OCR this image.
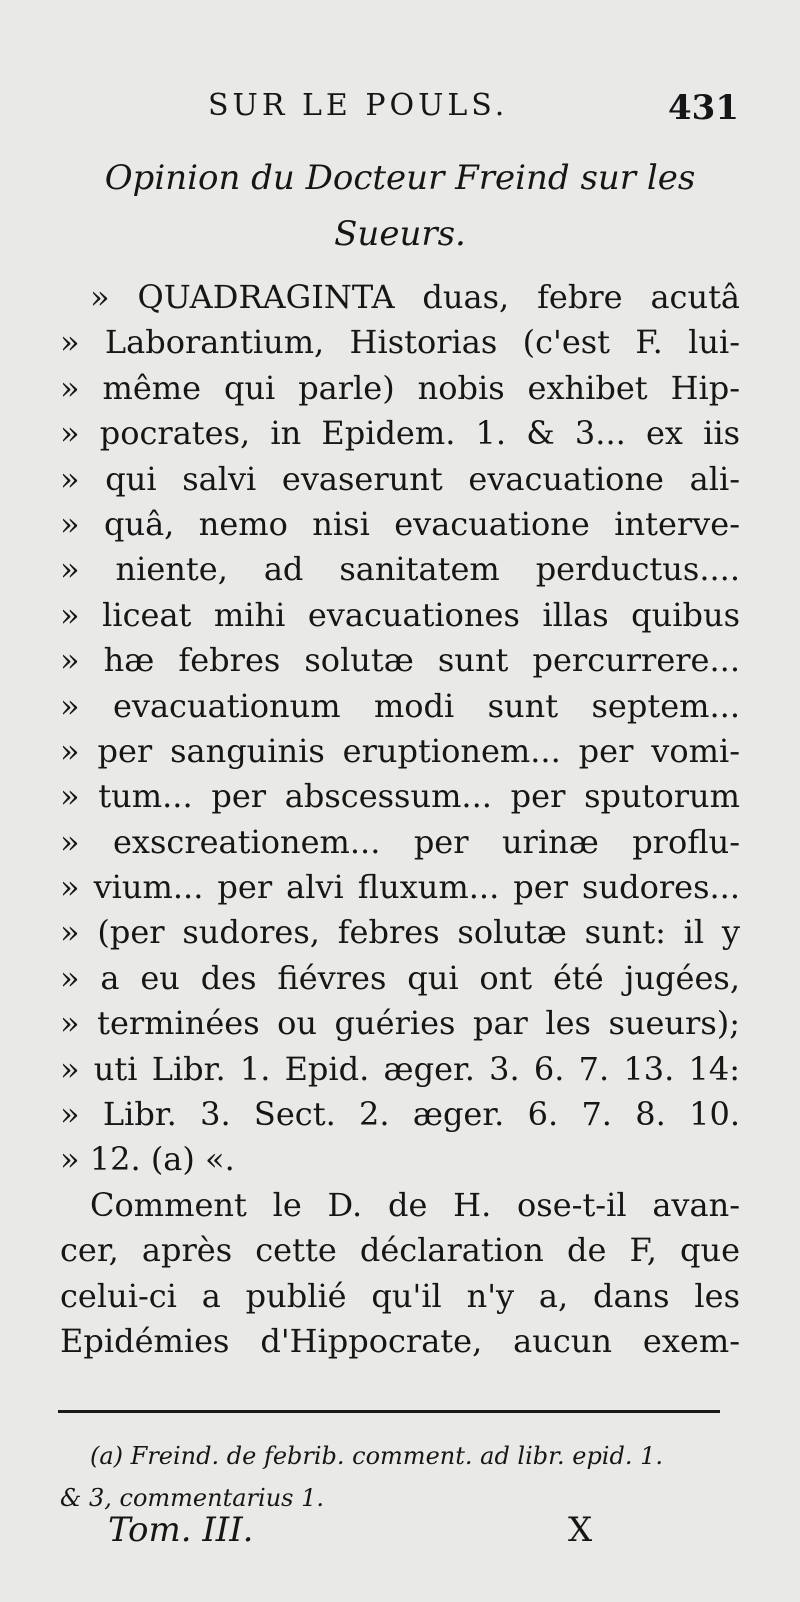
SUR LE POULS.	431
Opinion du Docteur Freind sur les
Sueurs.
» QUADRAGINTA duas, febre acutâ
» Laborantium, Historias (c'est F. lui-
» même qui parle) nobis exhibet Hip-
» pocrates, in Epidem. 1. & 3... ex iis
» qui salvi evaserunt evacuatione ali-
» quâ, nemo nisi evacuatione interve-
» niente, ad sanitatem perductus....
» liceat mihi evacuationes illas quibus
» hæ febres solutæ sunt percurrere...
» evacuationum modi sunt septem...
» per sanguinis eruptionem... per vomi-
» tum... per abscessum... per sputorum
» exscreationem... per urinæ proflu-
» vium... per alvi fluxum... per sudores...
» (per sudores, febres solutæ sunt: il y
» a eu des fiévres qui ont été jugées,
» terminées ou guéries par les sueurs);
» uti Libr. 1. Epid. æger. 3. 6. 7. 13. 14:
» Libr. 3. Sect. 2. æger. 6. 7. 8. 10.
» 12. (a) «.
Comment le D. de H. ose-t-il avan-
cer, après cette déclaration de F, que
celui-ci a publié qu'il n'y a, dans les
Epidémies d'Hippocrate, aucun exem-
(a) Freind. de febrib. comment. ad libr. epid. 1.
& 3, commentarius 1.
Tom. III.	X
